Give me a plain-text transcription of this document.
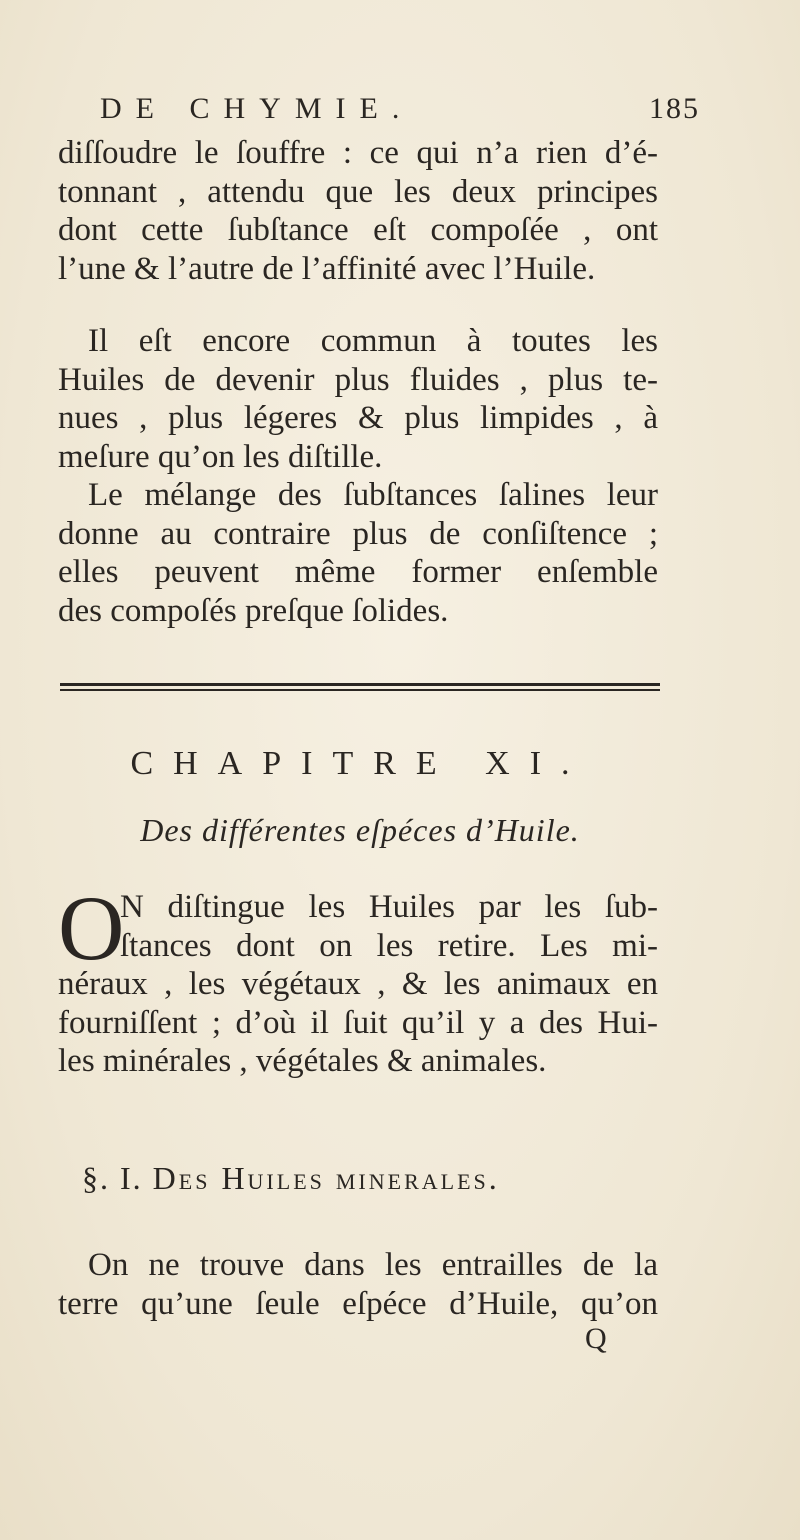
DE CHYMIE.	185
diſſoudre le ſouffre : ce qui n’a rien d’é-
tonnant , attendu que les deux principes
dont cette ſubſtance eſt compoſée , ont
l’une & l’autre de l’affinité avec l’Huile.
Il eſt encore commun à toutes les
Huiles de devenir plus fluides , plus te-
nues , plus légeres & plus limpides , à
meſure qu’on les diſtille.
Le mélange des ſubſtances ſalines leur
donne au contraire plus de conſiſtence ;
elles peuvent même former enſemble
des compoſés preſque ſolides.
CHAPITRE XI.
Des différentes eſpéces d’Huile.
O
N diſtingue les Huiles par les ſub-
ſtances dont on les retire. Les mi-
néraux , les végétaux , & les animaux en
fourniſſent ; d’où il ſuit qu’il y a des Hui-
les minérales , végétales & animales.
§. I. Des Huiles minerales.
On ne trouve dans les entrailles de la
terre qu’une ſeule eſpéce d’Huile, qu’on
Q
